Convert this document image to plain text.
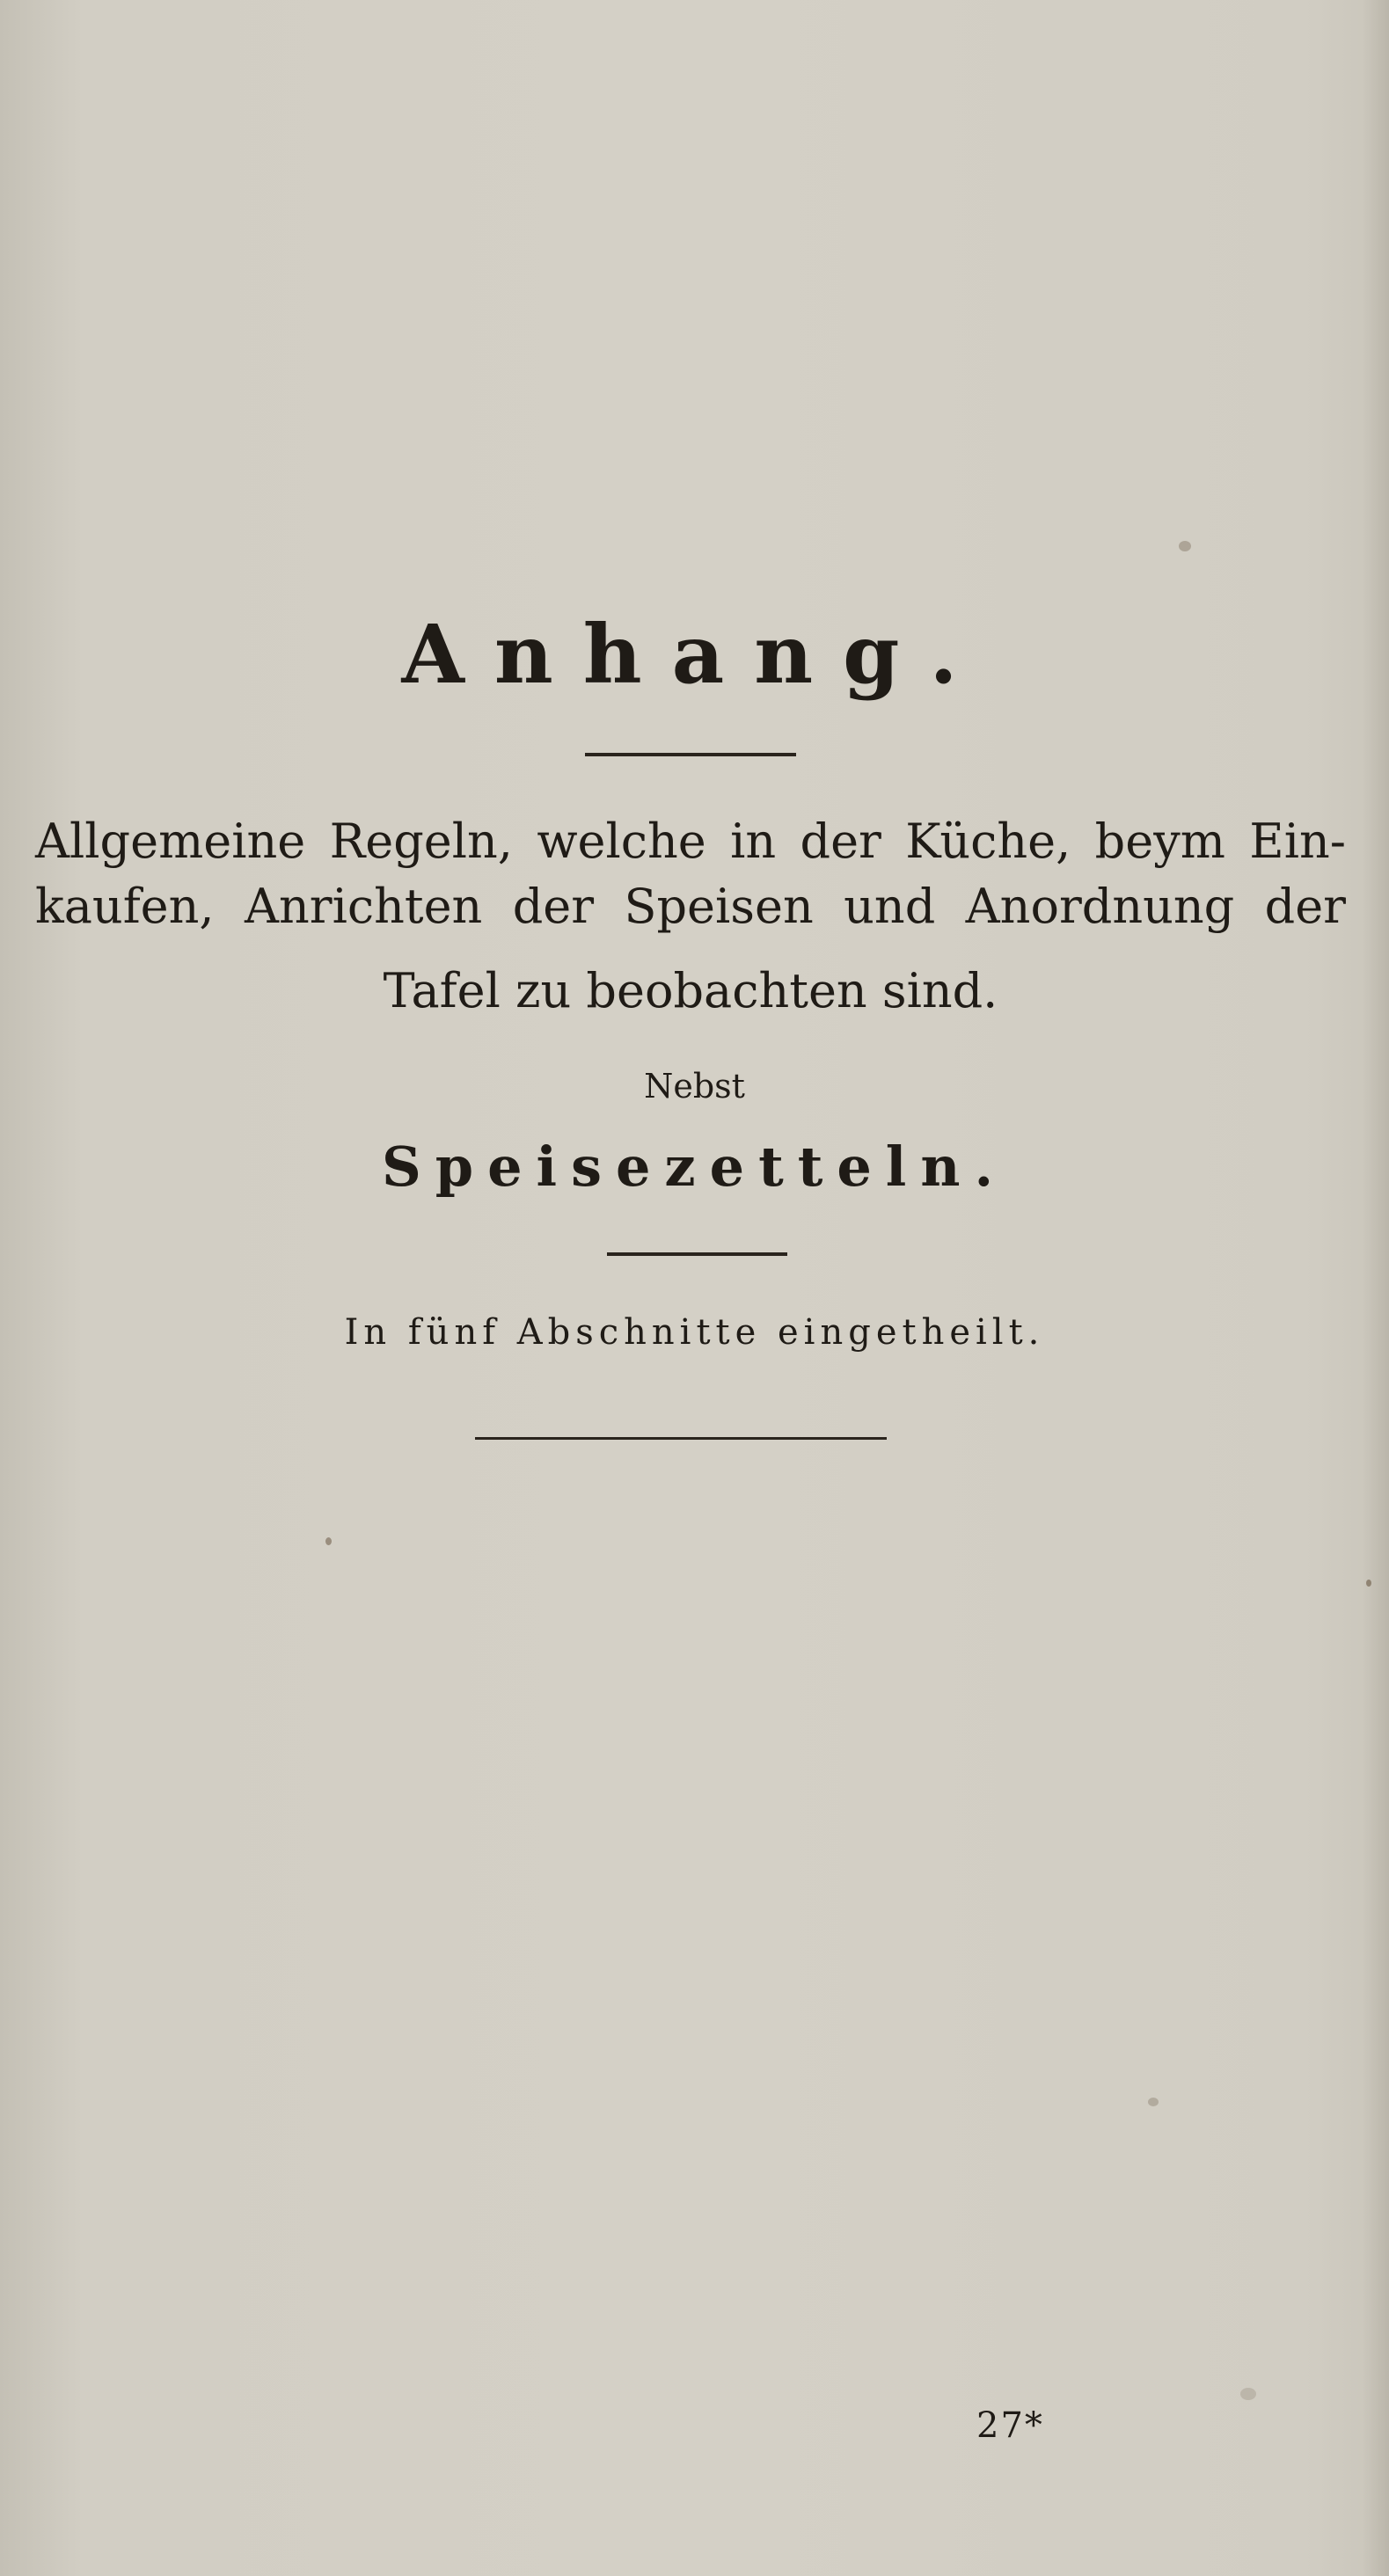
Anhang.
Allgemeine Regeln, welche in der Küche, beym Ein-
kaufen, Anrichten der Speisen und Anordnung der
Tafel zu beobachten sind.
Nebst
Speisezetteln.
In fünf Abschnitte eingetheilt.
27*
